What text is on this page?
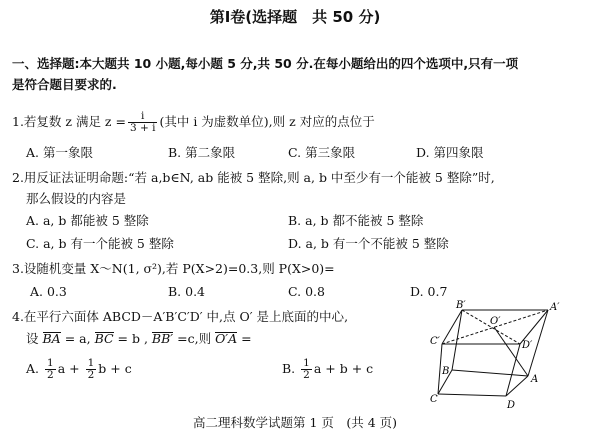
第Ⅰ卷(选择题　共 50 分)
一、选择题:本大题共 10 小题,每小题 5 分,共 50 分.在每小题给出的四个选项中,只有一项
是符合题目要求的.
1.若复数 z 满足 $z = \frac{i}{3 + i}$ (其中 i 为虚数单位),则 z 对应的点位于
A. 第一象限	B. 第二象限	C. 第三象限	D. 第四象限
2.用反证法证明命题:“若 a,b∈N, ab 能被 5 整除,则 a, b 中至少有一个能被 5 整除”时,
那么假设的内容是
A. a, b 都能被 5 整除	B. a, b 都不能被 5 整除
C. a, b 有一个能被 5 整除	D. a, b 有一个不能被 5 整除
3.设随机变量 X～N(1, σ²),若 P(X>2)=0.3,则 P(X>0)=
A. 0.3	B. 0.4	C. 0.8	D. 0.7
4.在平行六面体 ABCD－A′B′C′D′ 中,点 O′ 是上底面的中心,
设 BA = a, BC = b , BB′ =c,则 O′A =
A. $\frac{1}{2}$ $a + \frac{1}{2}$ b + c	B. $\frac{1}{2}$ a + b + c
B′
O′
A′
C′	D′
B
C
A
D
高二理科数学试题第 1 页　(共 4 页)
